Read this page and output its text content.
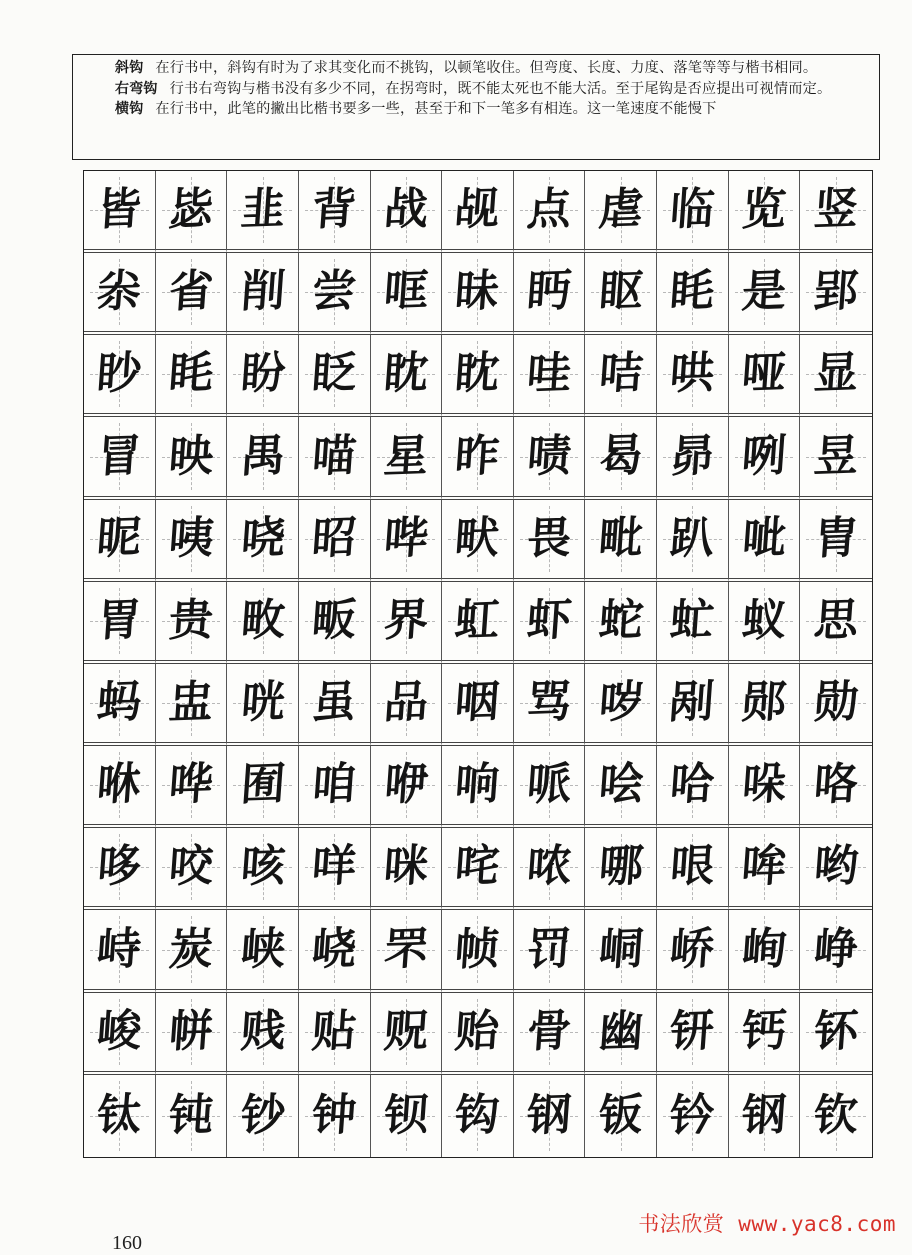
斜钩 在行书中，斜钩有时为了求其变化而不挑钩，以顿笔收住。但弯度、长度、力度、落笔等等与楷书相同。

右弯钩 行书右弯钩与楷书没有多少不同，在拐弯时，既不能太死也不能大活。至于尾钩是否应提出可视情而定。

横钩 在行书中，此笔的撇出比楷书要多一些，甚至于和下一笔多有相连。这一笔速度不能慢下

皆 毖 韭 背 战 觇 点 虐 临 览 竖
尜 省 削 尝 哐 昧 眄 眍 眊 是 郢
眇 眊 盼 眨 眈 眈 哇 咭 哄 哑 显
冒 映 禺 喵 星 昨 啧 曷 昴 咧 昱
昵 咦 哓 昭 哔 畎 畏 毗 趴 呲 胄
胃 贵 畋 畈 界 虹 虾 蛇 虻 蚁 思
蚂 盅 咣 虽 品 咽 骂 哕 剐 郧 勋
咻 哗 囿 咱 咿 响 哌 哙 哈 哚 咯
哆 咬 咳 咩 咪 咤 哝 哪 哏 哞 哟
峙 炭 峡 峣 罘 帧 罚 峒 峤 峋 峥
峻 帡 贱 贴 贶 贻 骨 幽 钘 钙 钚
钛 钝 钞 钟 钡 钩 钢 钣 钤 钢 钦
160
书法欣赏 www.yac8.com
